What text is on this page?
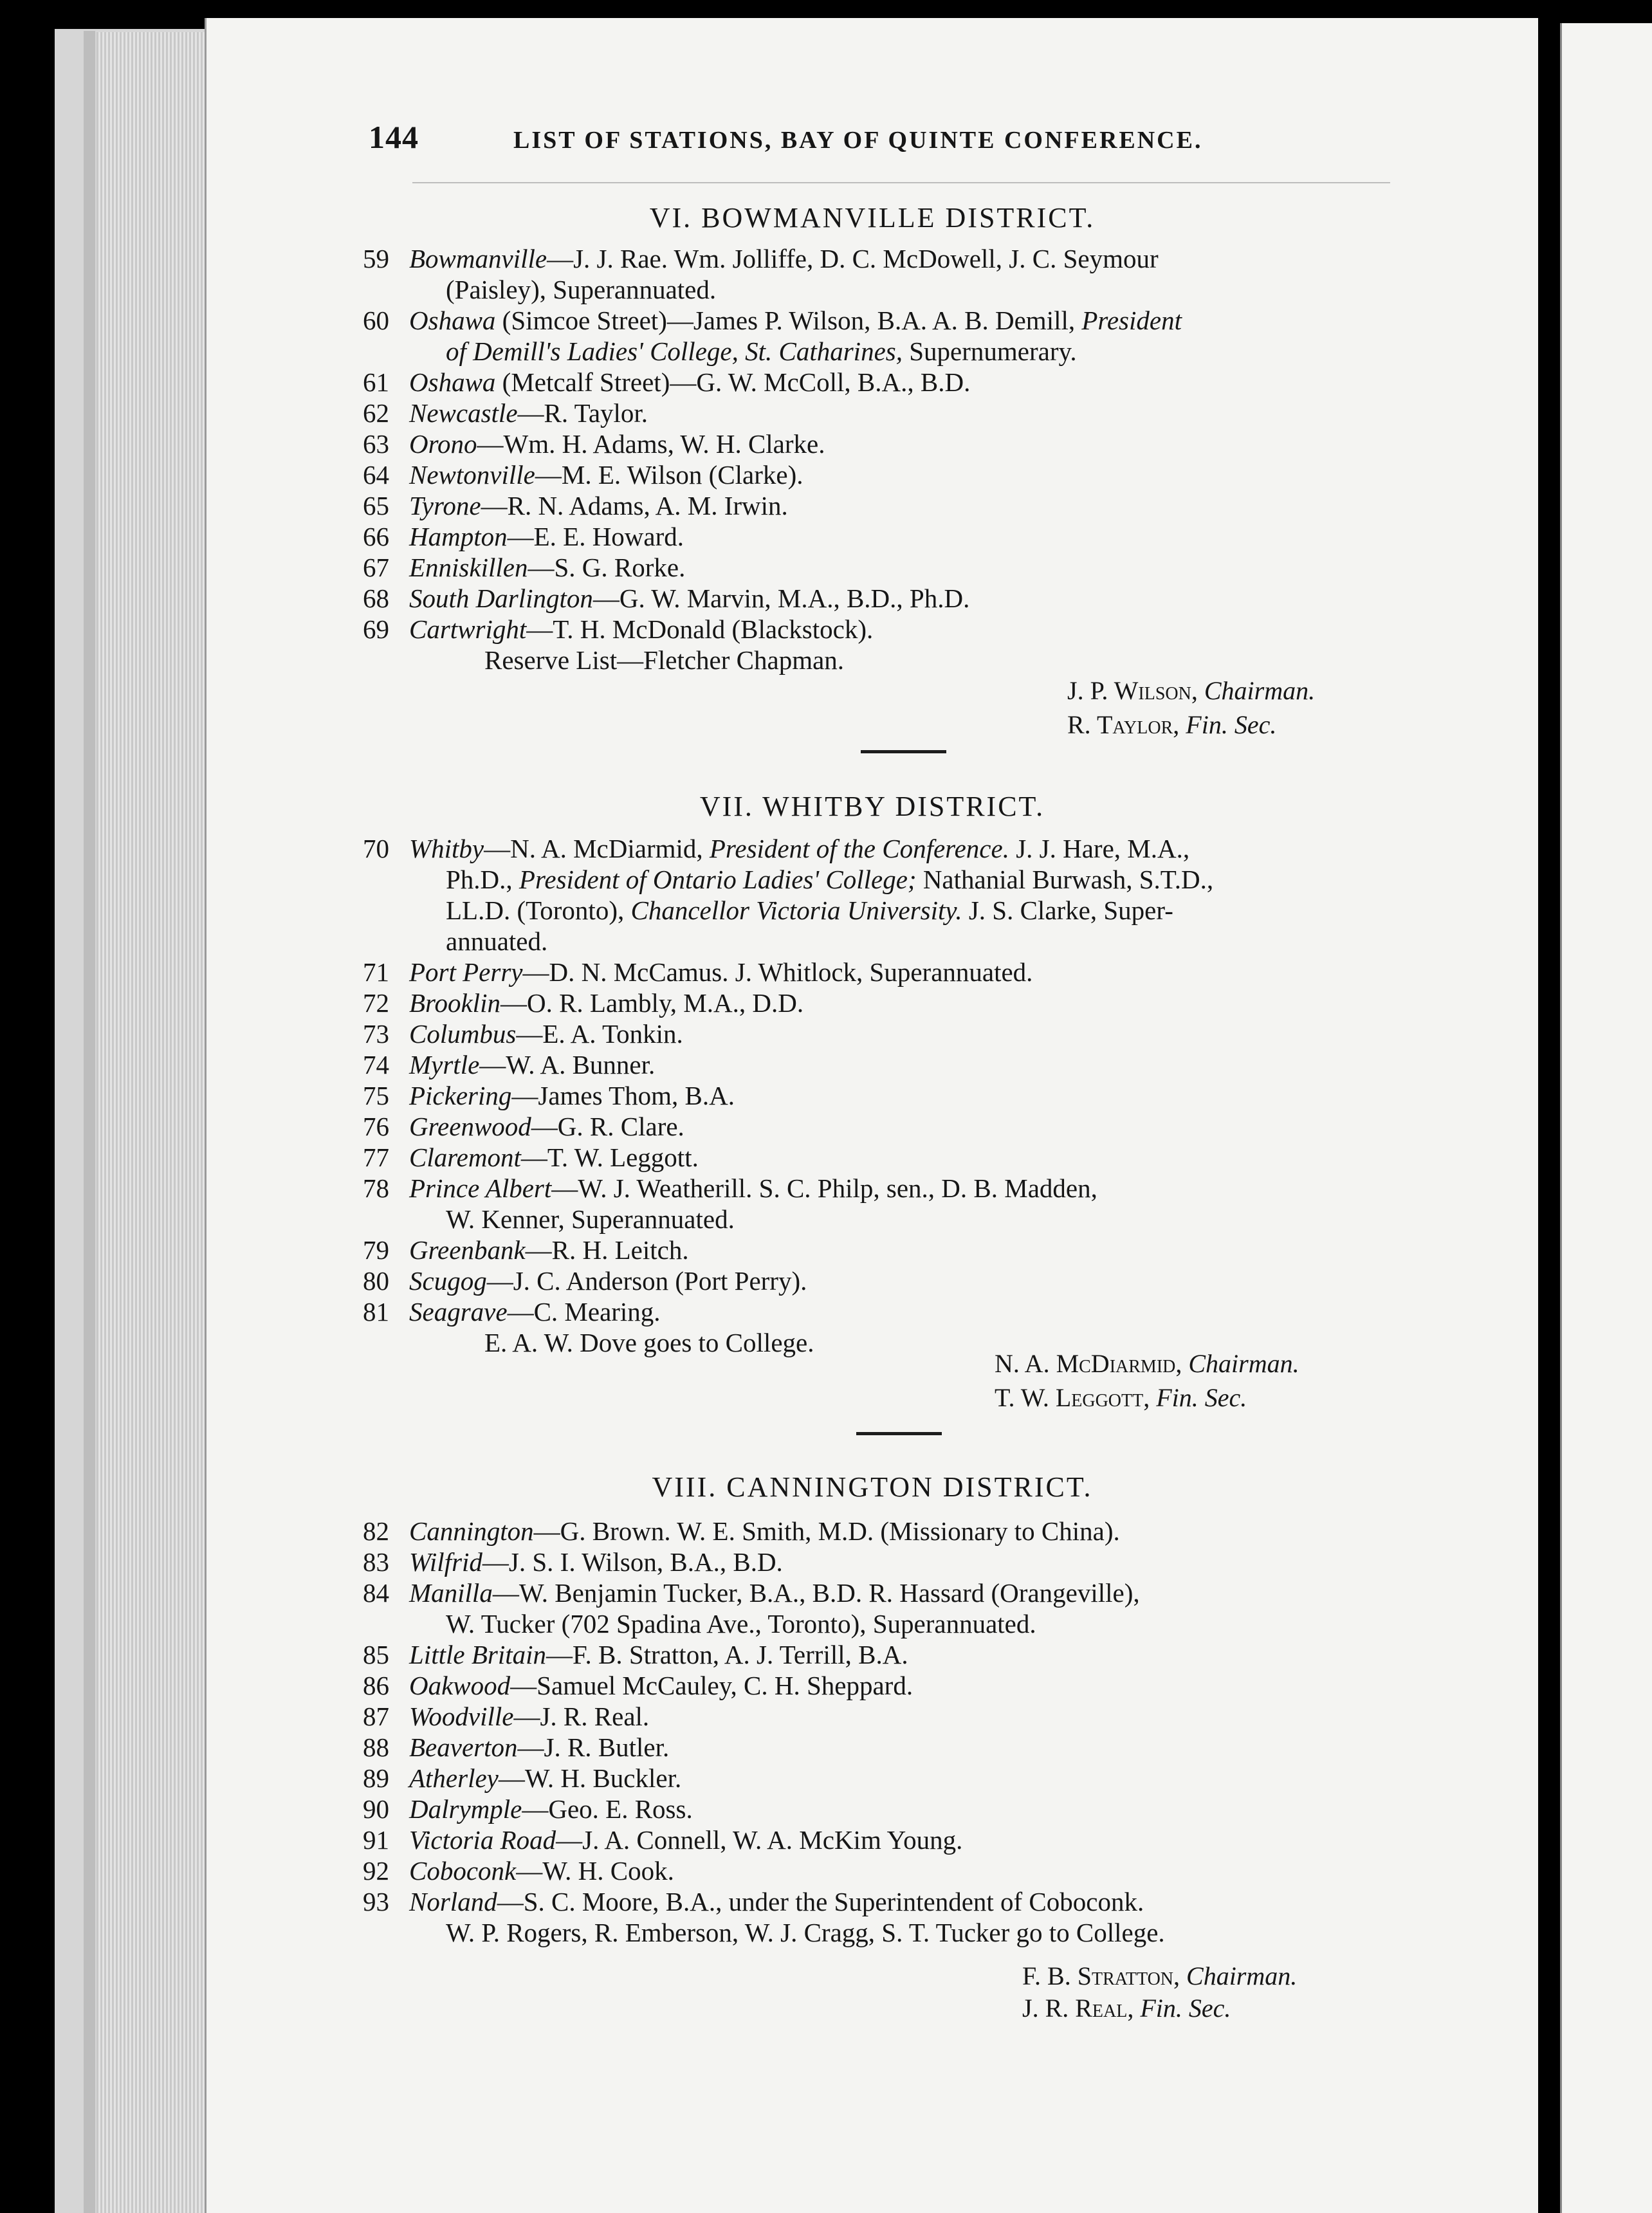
144	LIST OF STATIONS, BAY OF QUINTE CONFERENCE.
VI. BOWMANVILLE DISTRICT.
J. P. Wilson, Chairman.
R. Taylor, Fin. Sec.
VII. WHITBY DISTRICT.
N. A. McDiarmid, Chairman.
T. W. Leggott, Fin. Sec.
VIII. CANNINGTON DISTRICT.
F. B. Stratton, Chairman.
J. R. Real, Fin. Sec.
59 Bowmanville—J. J. Rae. Wm. Jolliffe, D. C. McDowell, J. C. Seymour
(Paisley), Superannuated.
60 Oshawa (Simcoe Street)—James P. Wilson, B.A. A. B. Demill, President
of Demill's Ladies' College, St. Catharines, Supernumerary.
61 Oshawa (Metcalf Street)—G. W. McColl, B.A., B.D.
62 Newcastle—R. Taylor.
63 Orono—Wm. H. Adams, W. H. Clarke.
64 Newtonville—M. E. Wilson (Clarke).
65 Tyrone—R. N. Adams, A. M. Irwin.
66 Hampton—E. E. Howard.
67 Enniskillen—S. G. Rorke.
68 South Darlington—G. W. Marvin, M.A., B.D., Ph.D.
69 Cartwright—T. H. McDonald (Blackstock).
Reserve List—Fletcher Chapman.
70 Whitby—N. A. McDiarmid, President of the Conference. J. J. Hare, M.A.,
Ph.D., President of Ontario Ladies' College; Nathanial Burwash, S.T.D.,
LL.D. (Toronto), Chancellor Victoria University. J. S. Clarke, Super-
annuated.
71 Port Perry—D. N. McCamus. J. Whitlock, Superannuated.
72 Brooklin—O. R. Lambly, M.A., D.D.
73 Columbus—E. A. Tonkin.
74 Myrtle—W. A. Bunner.
75 Pickering—James Thom, B.A.
76 Greenwood—G. R. Clare.
77 Claremont—T. W. Leggott.
78 Prince Albert—W. J. Weatherill. S. C. Philp, sen., D. B. Madden,
W. Kenner, Superannuated.
79 Greenbank—R. H. Leitch.
80 Scugog—J. C. Anderson (Port Perry).
81 Seagrave—C. Mearing.
E. A. W. Dove goes to College.
82 Cannington—G. Brown. W. E. Smith, M.D. (Missionary to China).
83 Wilfrid—J. S. I. Wilson, B.A., B.D.
84 Manilla—W. Benjamin Tucker, B.A., B.D. R. Hassard (Orangeville),
W. Tucker (702 Spadina Ave., Toronto), Superannuated.
85 Little Britain—F. B. Stratton, A. J. Terrill, B.A.
86 Oakwood—Samuel McCauley, C. H. Sheppard.
87 Woodville—J. R. Real.
88 Beaverton—J. R. Butler.
89 Atherley—W. H. Buckler.
90 Dalrymple—Geo. E. Ross.
91 Victoria Road—J. A. Connell, W. A. McKim Young.
92 Coboconk—W. H. Cook.
93 Norland—S. C. Moore, B.A., under the Superintendent of Coboconk.
W. P. Rogers, R. Emberson, W. J. Cragg, S. T. Tucker go to College.
